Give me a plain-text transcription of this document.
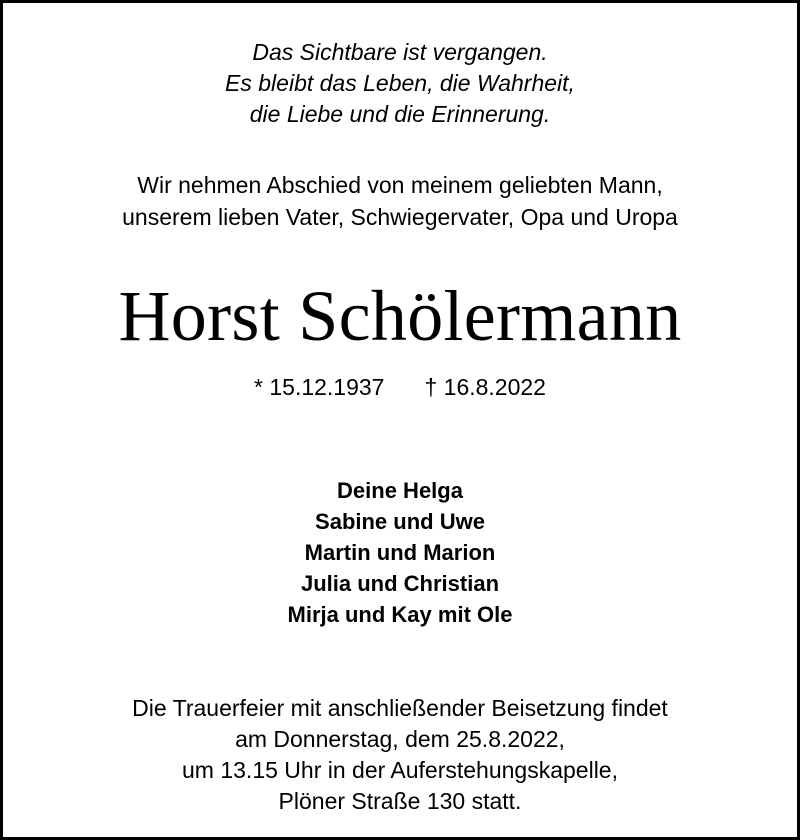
Das Sichtbare ist vergangen.
Es bleibt das Leben, die Wahrheit,
die Liebe und die Erinnerung.
Wir nehmen Abschied von meinem geliebten Mann,
unserem lieben Vater, Schwiegervater, Opa und Uropa
Horst Schölermann
* 15.12.1937 † 16.8.2022
Deine Helga
Sabine und Uwe
Martin und Marion
Julia und Christian
Mirja und Kay mit Ole
Die Trauerfeier mit anschließender Beisetzung findet
am Donnerstag, dem 25.8.2022,
um 13.15 Uhr in der Auferstehungskapelle,
Plöner Straße 130 statt.
